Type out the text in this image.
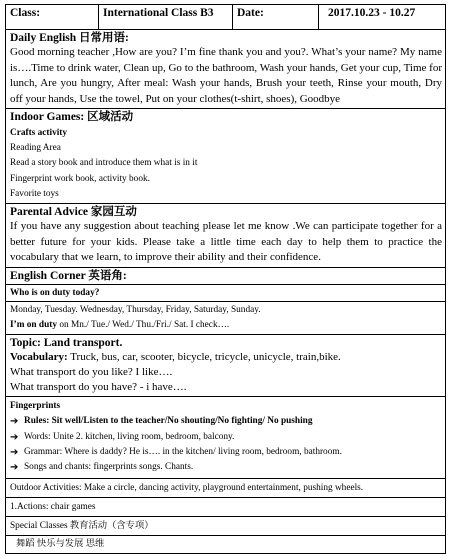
Class:	International Class B3	Date:	2017.10.23 - 10.27
Daily English 日常用语:
Good morning teacher ,How are you? I’m fine thank you and you?. What’s your name? My name is….Time to drink water, Clean up, Go to the bathroom, Wash your hands, Get your cup, Time for lunch, Are you hungry, After meal: Wash your hands, Brush your teeth, Rinse your mouth, Dry off your hands, Use the towel, Put on your clothes(t-shirt, shoes), Goodbye
Indoor Games: 区域活动
Crafts activity
Reading Area
Read a story book and introduce them what is in it
Fingerprint work book, activity book.
Favorite toys
Parental Advice 家园互动
If you have any suggestion about teaching please let me know .We can participate together for a better future for your kids. Please take a little time each day to help them to practice the vocabulary that we learn, to improve their ability and their confidence.
English Corner 英语角:
Who is on duty today?
Monday, Tuesday. Wednesday, Thursday, Friday, Saturday, Sunday.
I’m on duty on Mn./ Tue./ Wed./ Thu./Fri./ Sat. I check….
Topic: Land transport.
Vocabulary: Truck, bus, car, scooter, bicycle, tricycle, unicycle, train,bike.
What transport do you like? I like….
What transport do you have? - i have….
Fingerprints
➔ Rules: Sit well/Listen to the teacher/No shouting/No fighting/ No pushing
➔ Words: Unite 2. kitchen, living room, bedroom, balcony.
➔ Grammar: Where is daddy? He is…. in the kitchen/ living room, bedroom, bathroom.
➔ Songs and chants: fingerprints songs. Chants.
Outdoor Activities: Make a circle, dancing activity, playground entertainment, pushing wheels.
1.Actions: chair games
Special Classes 教育活动（含专项）
舞蹈 快乐与发展 思维
